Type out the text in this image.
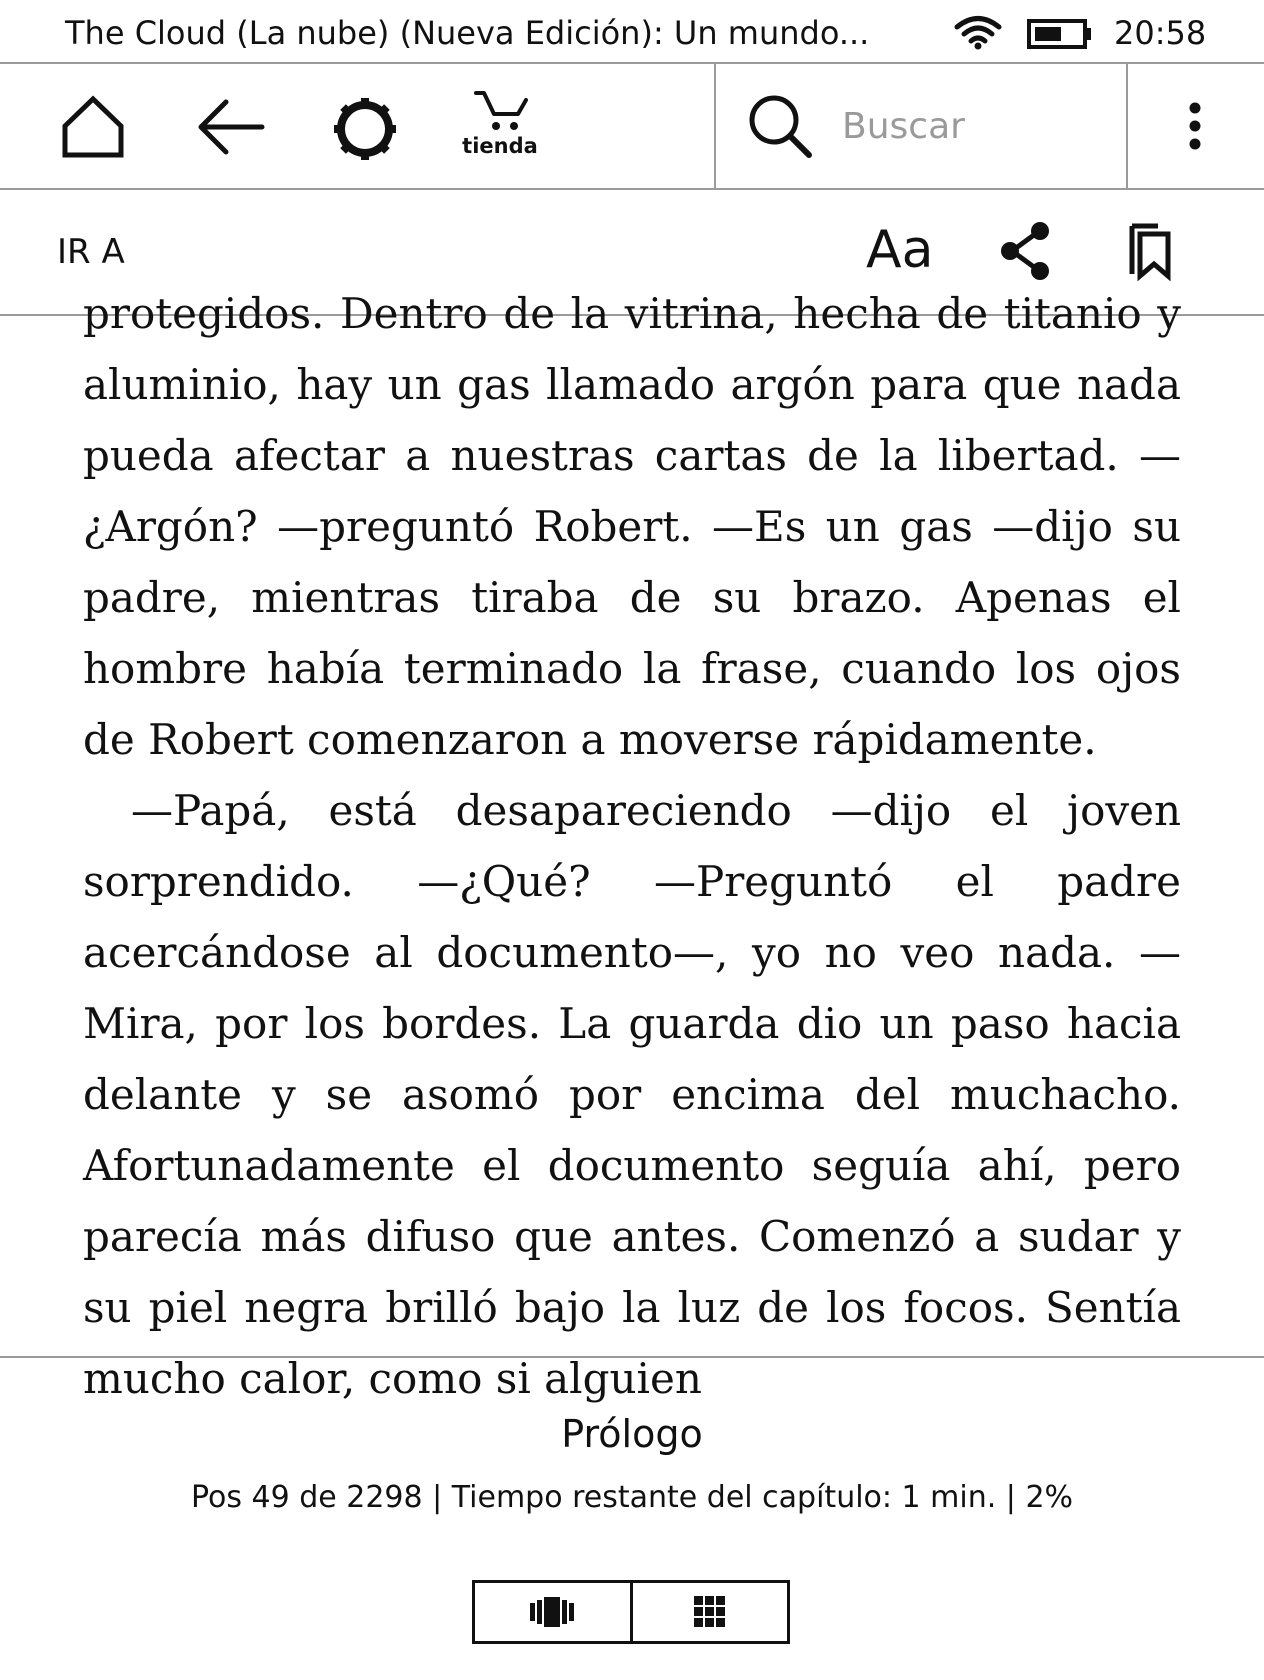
The Cloud (La nube) (Nueva Edición): Un mundo...	20:58
tienda
Buscar
IR A	Aa

protegidos. Dentro de la vitrina, hecha de titanio y aluminio, hay un gas llamado argón para que nada pueda afectar a nuestras cartas de la libertad. —¿Argón? —preguntó Robert. —Es un gas —dijo su padre, mientras tiraba de su brazo. Apenas el hombre había terminado la frase, cuando los ojos de Robert comenzaron a moverse rápidamente.

—Papá, está desapareciendo —dijo el joven sorprendido. —¿Qué? —Preguntó el padre acercándose al documento—, yo no veo nada. —Mira, por los bordes. La guarda dio un paso hacia delante y se asomó por encima del muchacho. Afortunadamente el documento seguía ahí, pero parecía más difuso que antes. Comenzó a sudar y su piel negra brilló bajo la luz de los focos. Sentía mucho calor, como si alguien

Prólogo
Pos 49 de 2298 | Tiempo restante del capítulo: 1 min. | 2%
